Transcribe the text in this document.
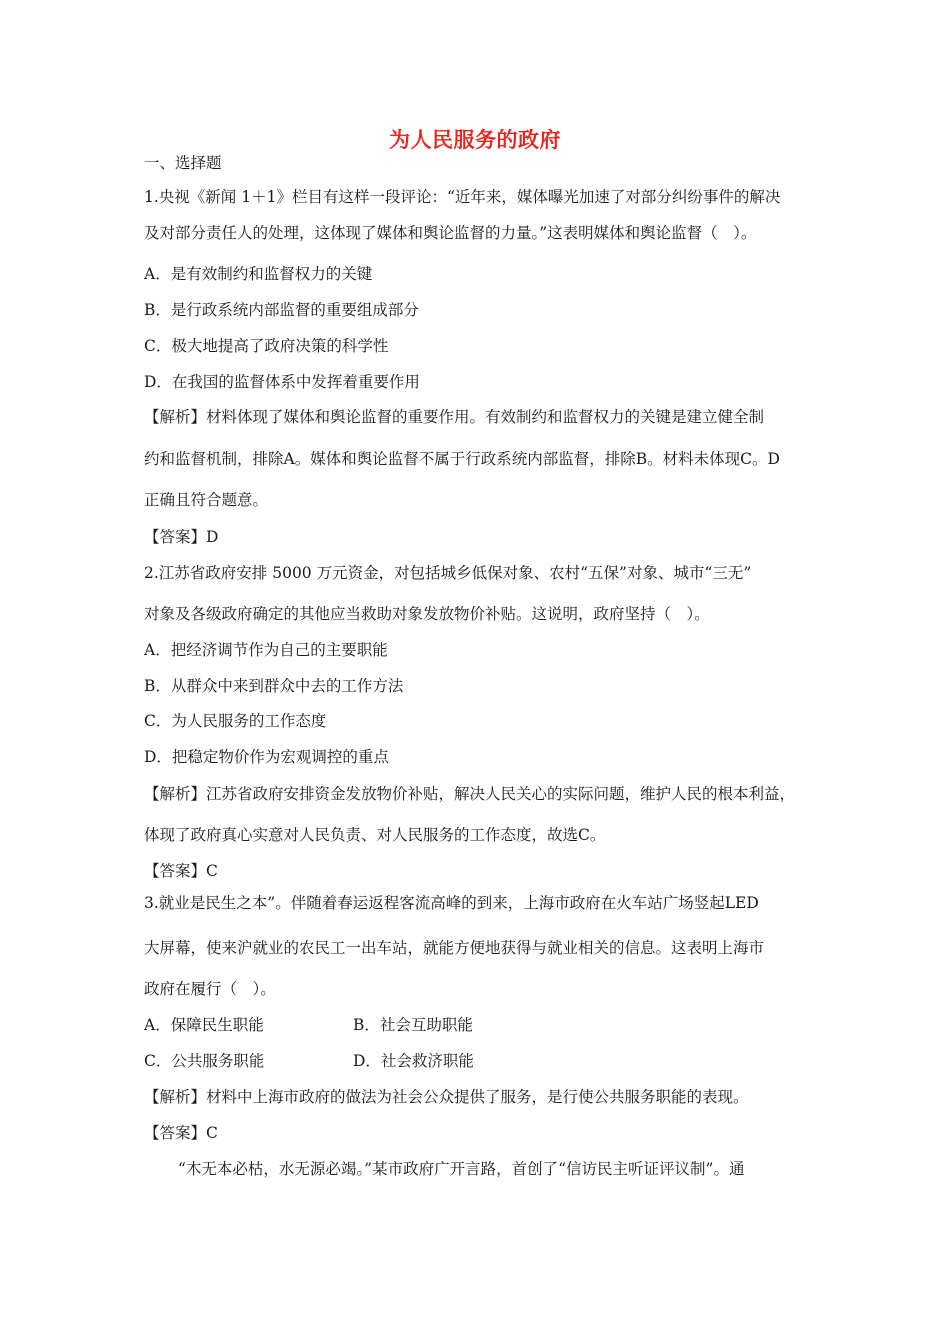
为人民服务的政府
一、选择题
1.央视《新闻 1＋1》栏目有这样一段评论：“近年来，媒体曝光加速了对部分纠纷事件的解决
及对部分责任人的处理，这体现了媒体和舆论监督的力量。”这表明媒体和舆论监督（　）。
A．是有效制约和监督权力的关键
B．是行政系统内部监督的重要组成部分
C．极大地提高了政府决策的科学性
D．在我国的监督体系中发挥着重要作用
【解析】材料体现了媒体和舆论监督的重要作用。有效制约和监督权力的关键是建立健全制
约和监督机制，排除A。媒体和舆论监督不属于行政系统内部监督，排除B。材料未体现C。D
正确且符合题意。
【答案】D
2.江苏省政府安排 5000 万元资金，对包括城乡低保对象、农村“五保”对象、城市“三无”
对象及各级政府确定的其他应当救助对象发放物价补贴。这说明，政府坚持（　）。
A．把经济调节作为自己的主要职能
B．从群众中来到群众中去的工作方法
C．为人民服务的工作态度
D．把稳定物价作为宏观调控的重点
【解析】江苏省政府安排资金发放物价补贴，解决人民关心的实际问题，维护人民的根本利益，
体现了政府真心实意对人民负责、对人民服务的工作态度，故选C。
【答案】C
3.就业是民生之本”。伴随着春运返程客流高峰的到来，上海市政府在火车站广场竖起LED
大屏幕，使来沪就业的农民工一出车站，就能方便地获得与就业相关的信息。这表明上海市
政府在履行（　）。
A．保障民生职能	B．社会互助职能
C．公共服务职能	D．社会救济职能
【解析】材料中上海市政府的做法为社会公众提供了服务，是行使公共服务职能的表现。
【答案】C
“木无本必枯，水无源必竭。”某市政府广开言路，首创了“信访民主听证评议制”。通
